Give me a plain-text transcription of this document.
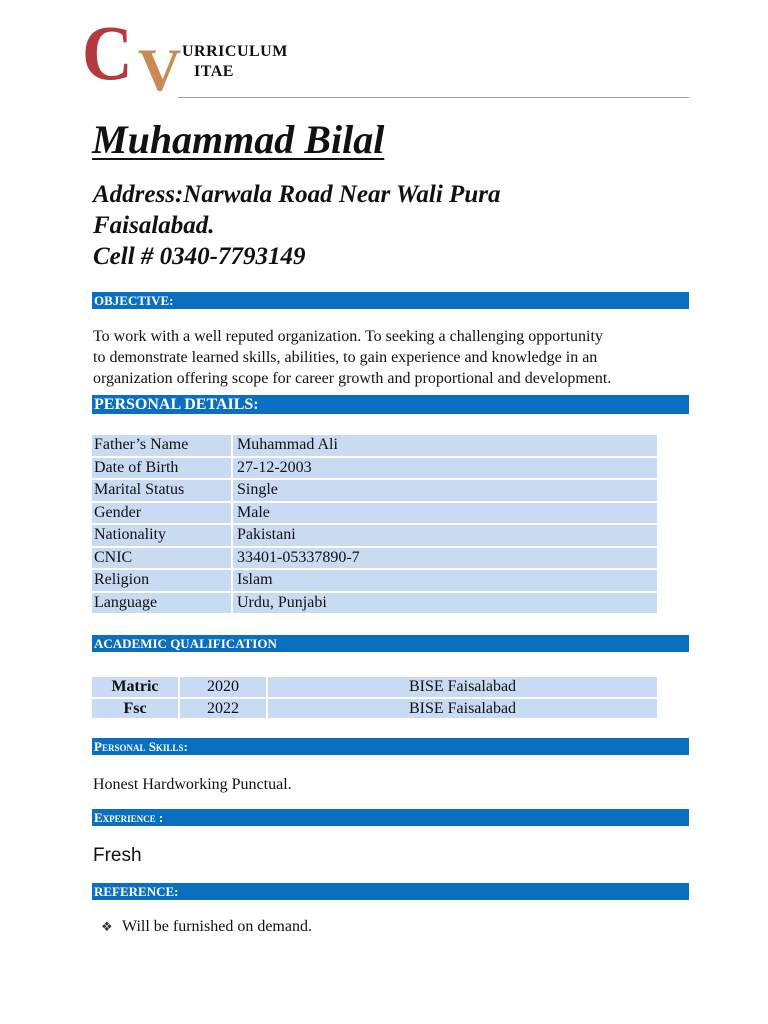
C V URRICULUM
ITAE
Muhammad Bilal
Address:Narwala Road Near Wali Pura
Faisalabad.
Cell # 0340-7793149
OBJECTIVE:
To work with a well reputed organization. To seeking a challenging opportunity
to demonstrate learned skills, abilities, to gain experience and knowledge in an
organization offering scope for career growth and proportional and development.
PERSONAL DETAILS:
Father’s Name	Muhammad Ali
Date of Birth	27-12-2003
Marital Status	Single
Gender	Male
Nationality	Pakistani
CNIC	33401-05337890-7
Religion	Islam
Language	Urdu, Punjabi
ACADEMIC QUALIFICATION
Matric	2020	BISE Faisalabad
Fsc	2022	BISE Faisalabad
Personal Skills:
Honest Hardworking Punctual.
Experience :
Fresh
REFERENCE:
❖ Will be furnished on demand.
